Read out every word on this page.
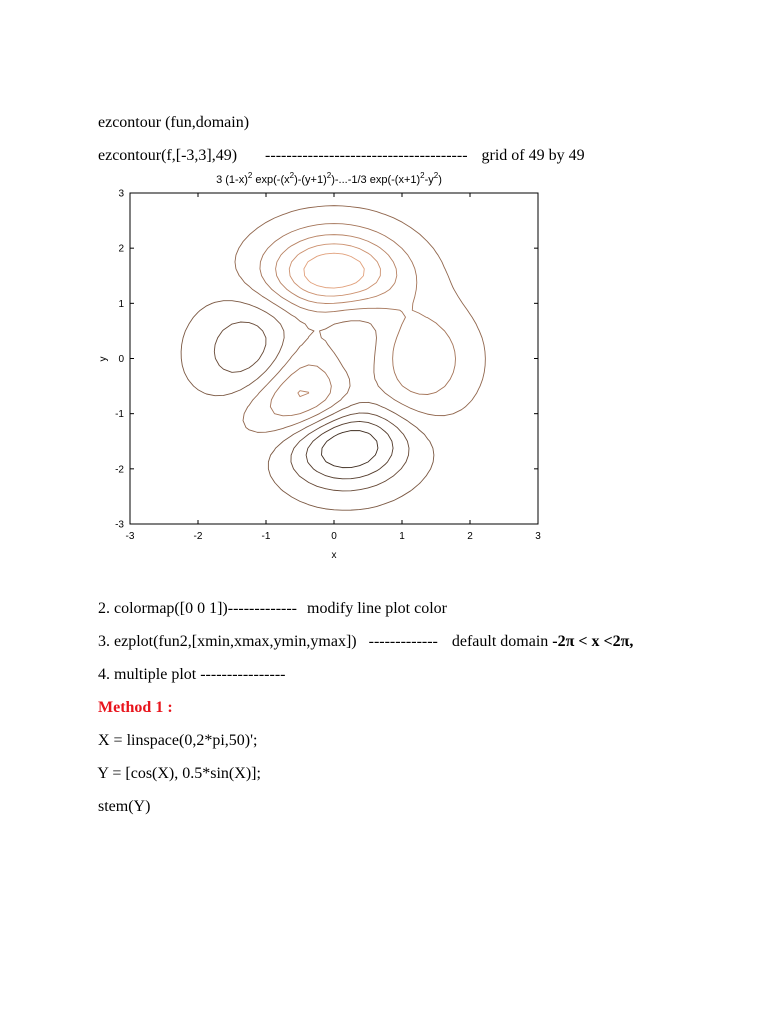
ezcontour (fun,domain)

ezcontour(f,[-3,3],49) -------------------------------------- grid of 49 by 49

3 $(1-x)^2$ $\exp(-(x^2)-(y+1)^2)-...-1/3$ $\exp(-(x+1)^2-y^2)$
-3	-2	-1	0	1	2	3
3
2
1
0
-1
-2
-3
x
y

2. colormap([0 0 1])------------- modify line plot color

3. ezplot(fun2,[xmin,xmax,ymin,ymax]) ------------- default domain -2π < x <2π,

4. multiple plot ----------------

Method 1 :

X = linspace(0,2*pi,50)';

Y = [cos(X), 0.5*sin(X)];

stem(Y)
